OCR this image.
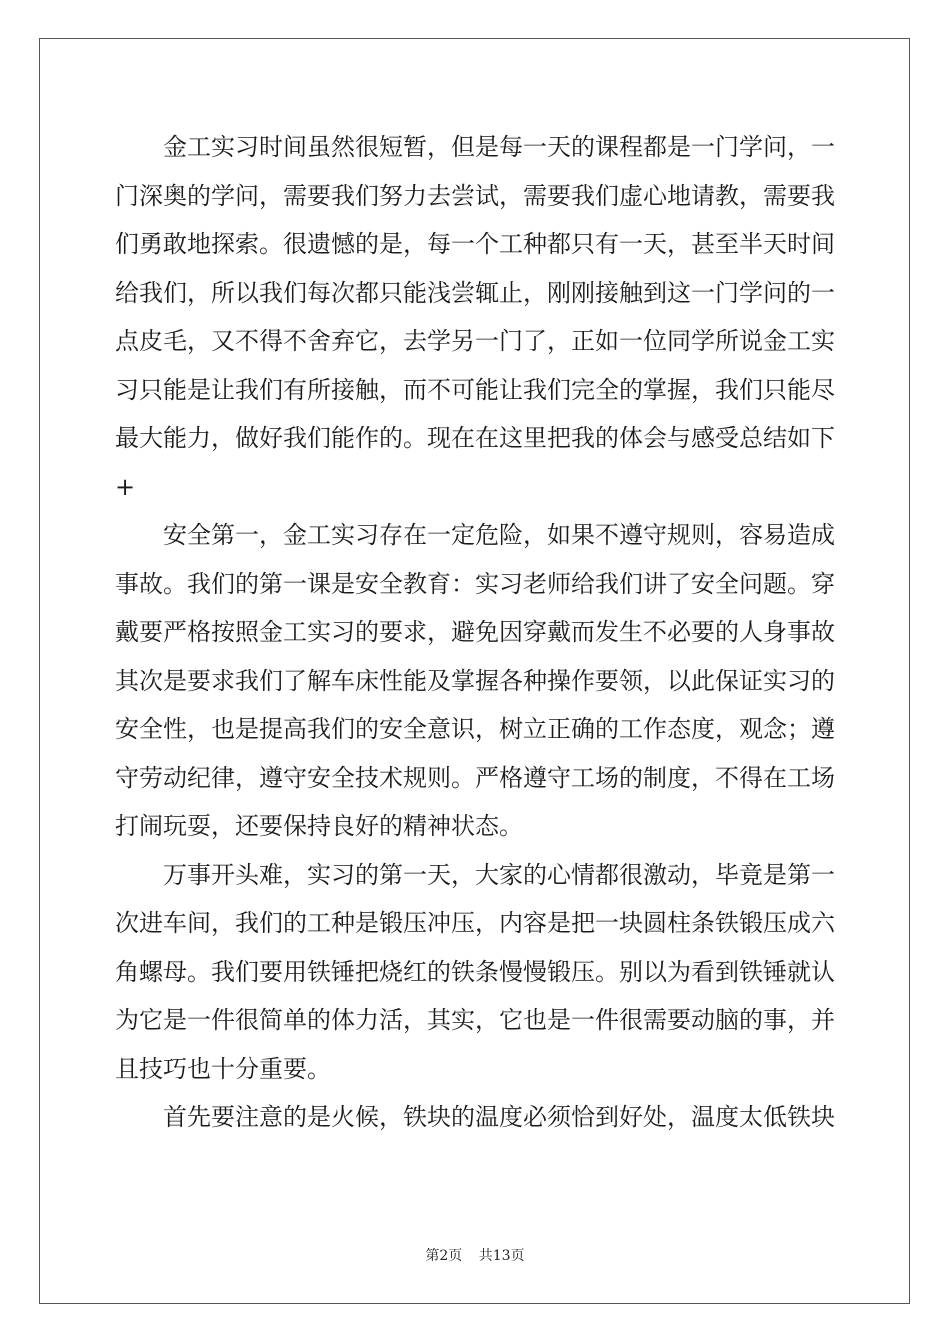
金工实习时间虽然很短暂，但是每一天的课程都是一门学问，一
门深奥的学问，需要我们努力去尝试，需要我们虚心地请教，需要我
们勇敢地探索。很遗憾的是，每一个工种都只有一天，甚至半天时间
给我们，所以我们每次都只能浅尝辄止，刚刚接触到这一门学问的一
点皮毛，又不得不舍弃它，去学另一门了，正如一位同学所说金工实
习只能是让我们有所接触，而不可能让我们完全的掌握，我们只能尽
最大能力，做好我们能作的。现在在这里把我的体会与感受总结如下
+
安全第一，金工实习存在一定危险，如果不遵守规则，容易造成
事故。我们的第一课是安全教育：实习老师给我们讲了安全问题。穿
戴要严格按照金工实习的要求，避免因穿戴而发生不必要的人身事故
其次是要求我们了解车床性能及掌握各种操作要领，以此保证实习的
安全性，也是提高我们的安全意识，树立正确的工作态度，观念；遵
守劳动纪律，遵守安全技术规则。严格遵守工场的制度，不得在工场
打闹玩耍，还要保持良好的精神状态。
万事开头难，实习的第一天，大家的心情都很激动，毕竟是第一
次进车间，我们的工种是锻压冲压，内容是把一块圆柱条铁锻压成六
角螺母。我们要用铁锤把烧红的铁条慢慢锻压。别以为看到铁锤就认
为它是一件很简单的体力活，其实，它也是一件很需要动脑的事，并
且技巧也十分重要。
首先要注意的是火候，铁块的温度必须恰到好处，温度太低铁块
第2页 共13页
